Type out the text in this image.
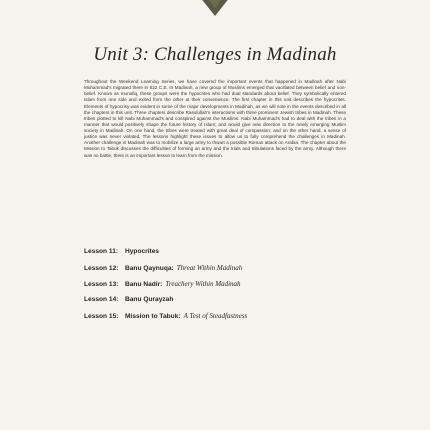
Unit 3: Challenges in Madinah

Throughout the Weekend Learning Series, we have covered the important events that happened in Madinah after Nabi Muhammad’s migrated there in 622 C.E. In Madinah, a new group of Muslims emerged that vacillated between belief and non-belief. Known as munafiq, these groups were the hypocrites who had dual standards about belief. They symbolically entered Islam from one side and exited from the other at their convenience. The first chapter in this unit describes the hypocrites. Elements of hypocrisy was evident in some of the major developments in Madinah, as we will note in the events described in all the chapters in this unit. Three chapters describe Rasulullah’s interactions with three prominent Jewish tribes in Madinah. These tribes plotted to kill Nabi Muhammad’s and conspired against the Muslims. Nabi Muhammad’s had to deal with the tribes in a manner that would positively shape the future history of Islam; and would give new direction to the newly emerging Muslim society in Madinah. On one hand, the tribes were treated with great deal of compassion; and on the other hand, a sense of justice was never violated. The lessons highlight these issues to allow us to fully comprehend the challenges in Madinah. Another challenge in Madinah was to mobilize a large army to thwart a possible Roman attack on Arabia. The chapter about the Mission to Tabuk discusses the difficulties of forming an army and the trials and tribulations faced by the army. Although there was no battle, there is an important lesson to learn from the mission.

Lesson 11:	Hypocrites
Lesson 12: Banu Qaynuqa: Threat Within Madinah
Lesson 13: Banu Nadir: Treachery Within Madinah
Lesson 14: Banu Qurayzah
Lesson 15: Mission to Tabuk: A Test of Steadfastness
